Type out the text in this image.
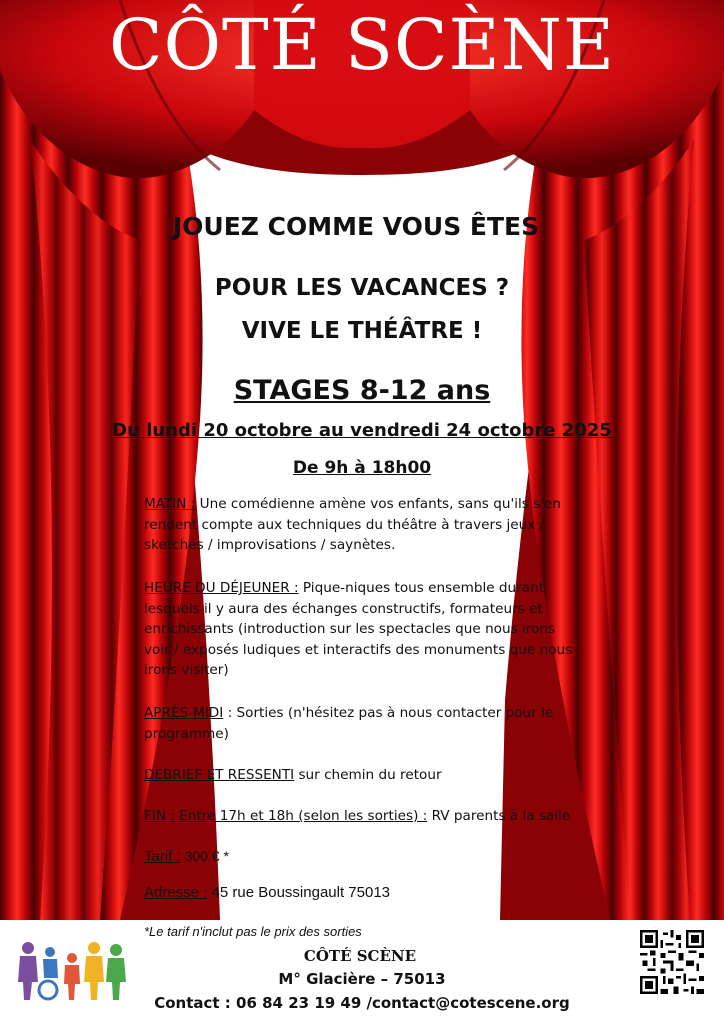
CÔTÉ SCÈNE
JOUEZ COMME VOUS ÊTES
POUR LES VACANCES ?
VIVE LE THÉÂTRE !
STAGES 8-12 ans
Du lundi 20 octobre au vendredi 24 octobre 2025
De 9h à 18h00
MATIN : Une comédienne amène vos enfants, sans qu'ils s'en rendent compte aux techniques du théâtre à travers jeux / sketches / improvisations / saynètes.
HEURE DU DÉJEUNER : Pique-niques tous ensemble durant lesquels il y aura des échanges constructifs, formateurs et enrichissants (introduction sur les spectacles que nous irons voir / exposés ludiques et interactifs des monuments que nous irons visiter)
APRÈS-MIDI : Sorties (n'hésitez pas à nous contacter pour le programme)
DEBRIEF ET RESSENTI sur chemin du retour
FIN : Entre 17h et 18h (selon les sorties) : RV parents à la salle
Tarif : 300 € *
Adresse : 45 rue Boussingault 75013
*Le tarif n'inclut pas le prix des sorties
CÔTÉ SCÈNE
M° Glacière – 75013
Contact : 06 84 23 19 49 /contact@cotescene.org
